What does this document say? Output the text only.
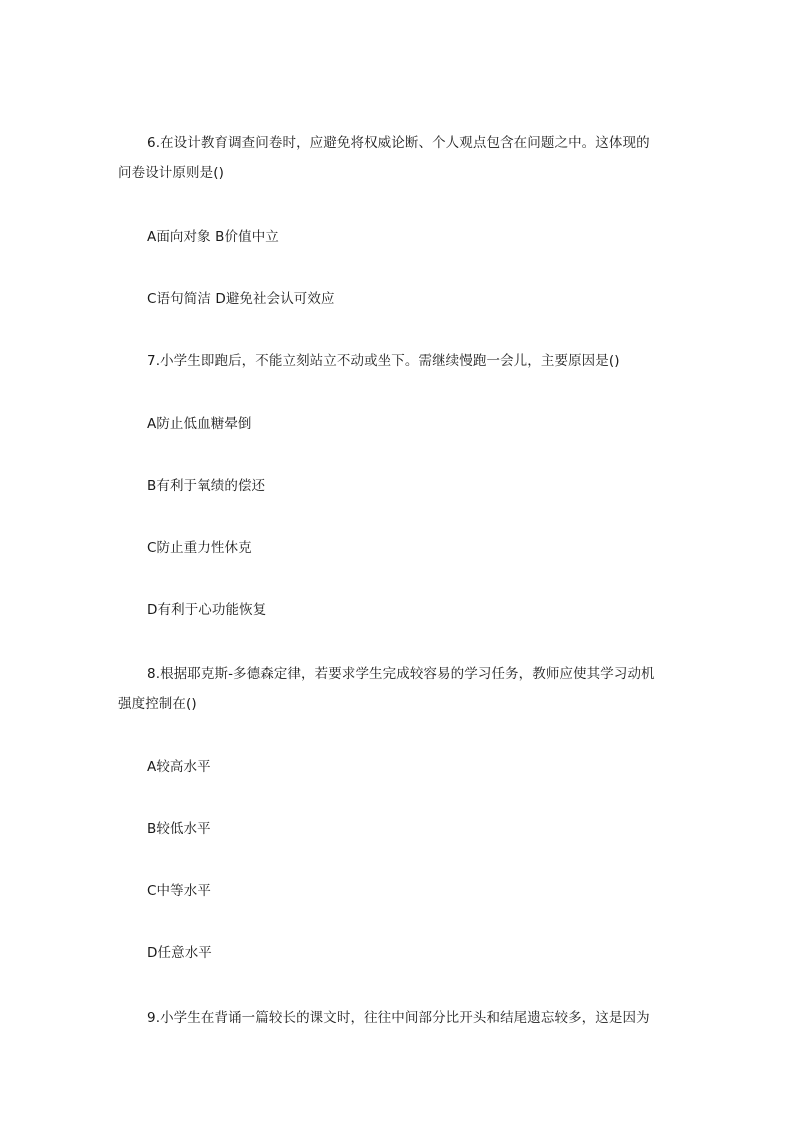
6.在设计教育调查问卷时，应避免将权威论断、个人观点包含在问题之中。这体现的
问卷设计原则是()
A面向对象 B价值中立
C语句简洁 D避免社会认可效应
7.小学生即跑后，不能立刻站立不动或坐下。需继续慢跑一会儿，主要原因是()
A防止低血糖晕倒
B有利于氧绩的偿还
C防止重力性休克
D有利于心功能恢复
8.根据耶克斯-多德森定律，若要求学生完成较容易的学习任务，教师应使其学习动机
强度控制在()
A较高水平
B较低水平
C中等水平
D任意水平
9.小学生在背诵一篇较长的课文时，往往中间部分比开头和结尾遗忘较多，这是因为
